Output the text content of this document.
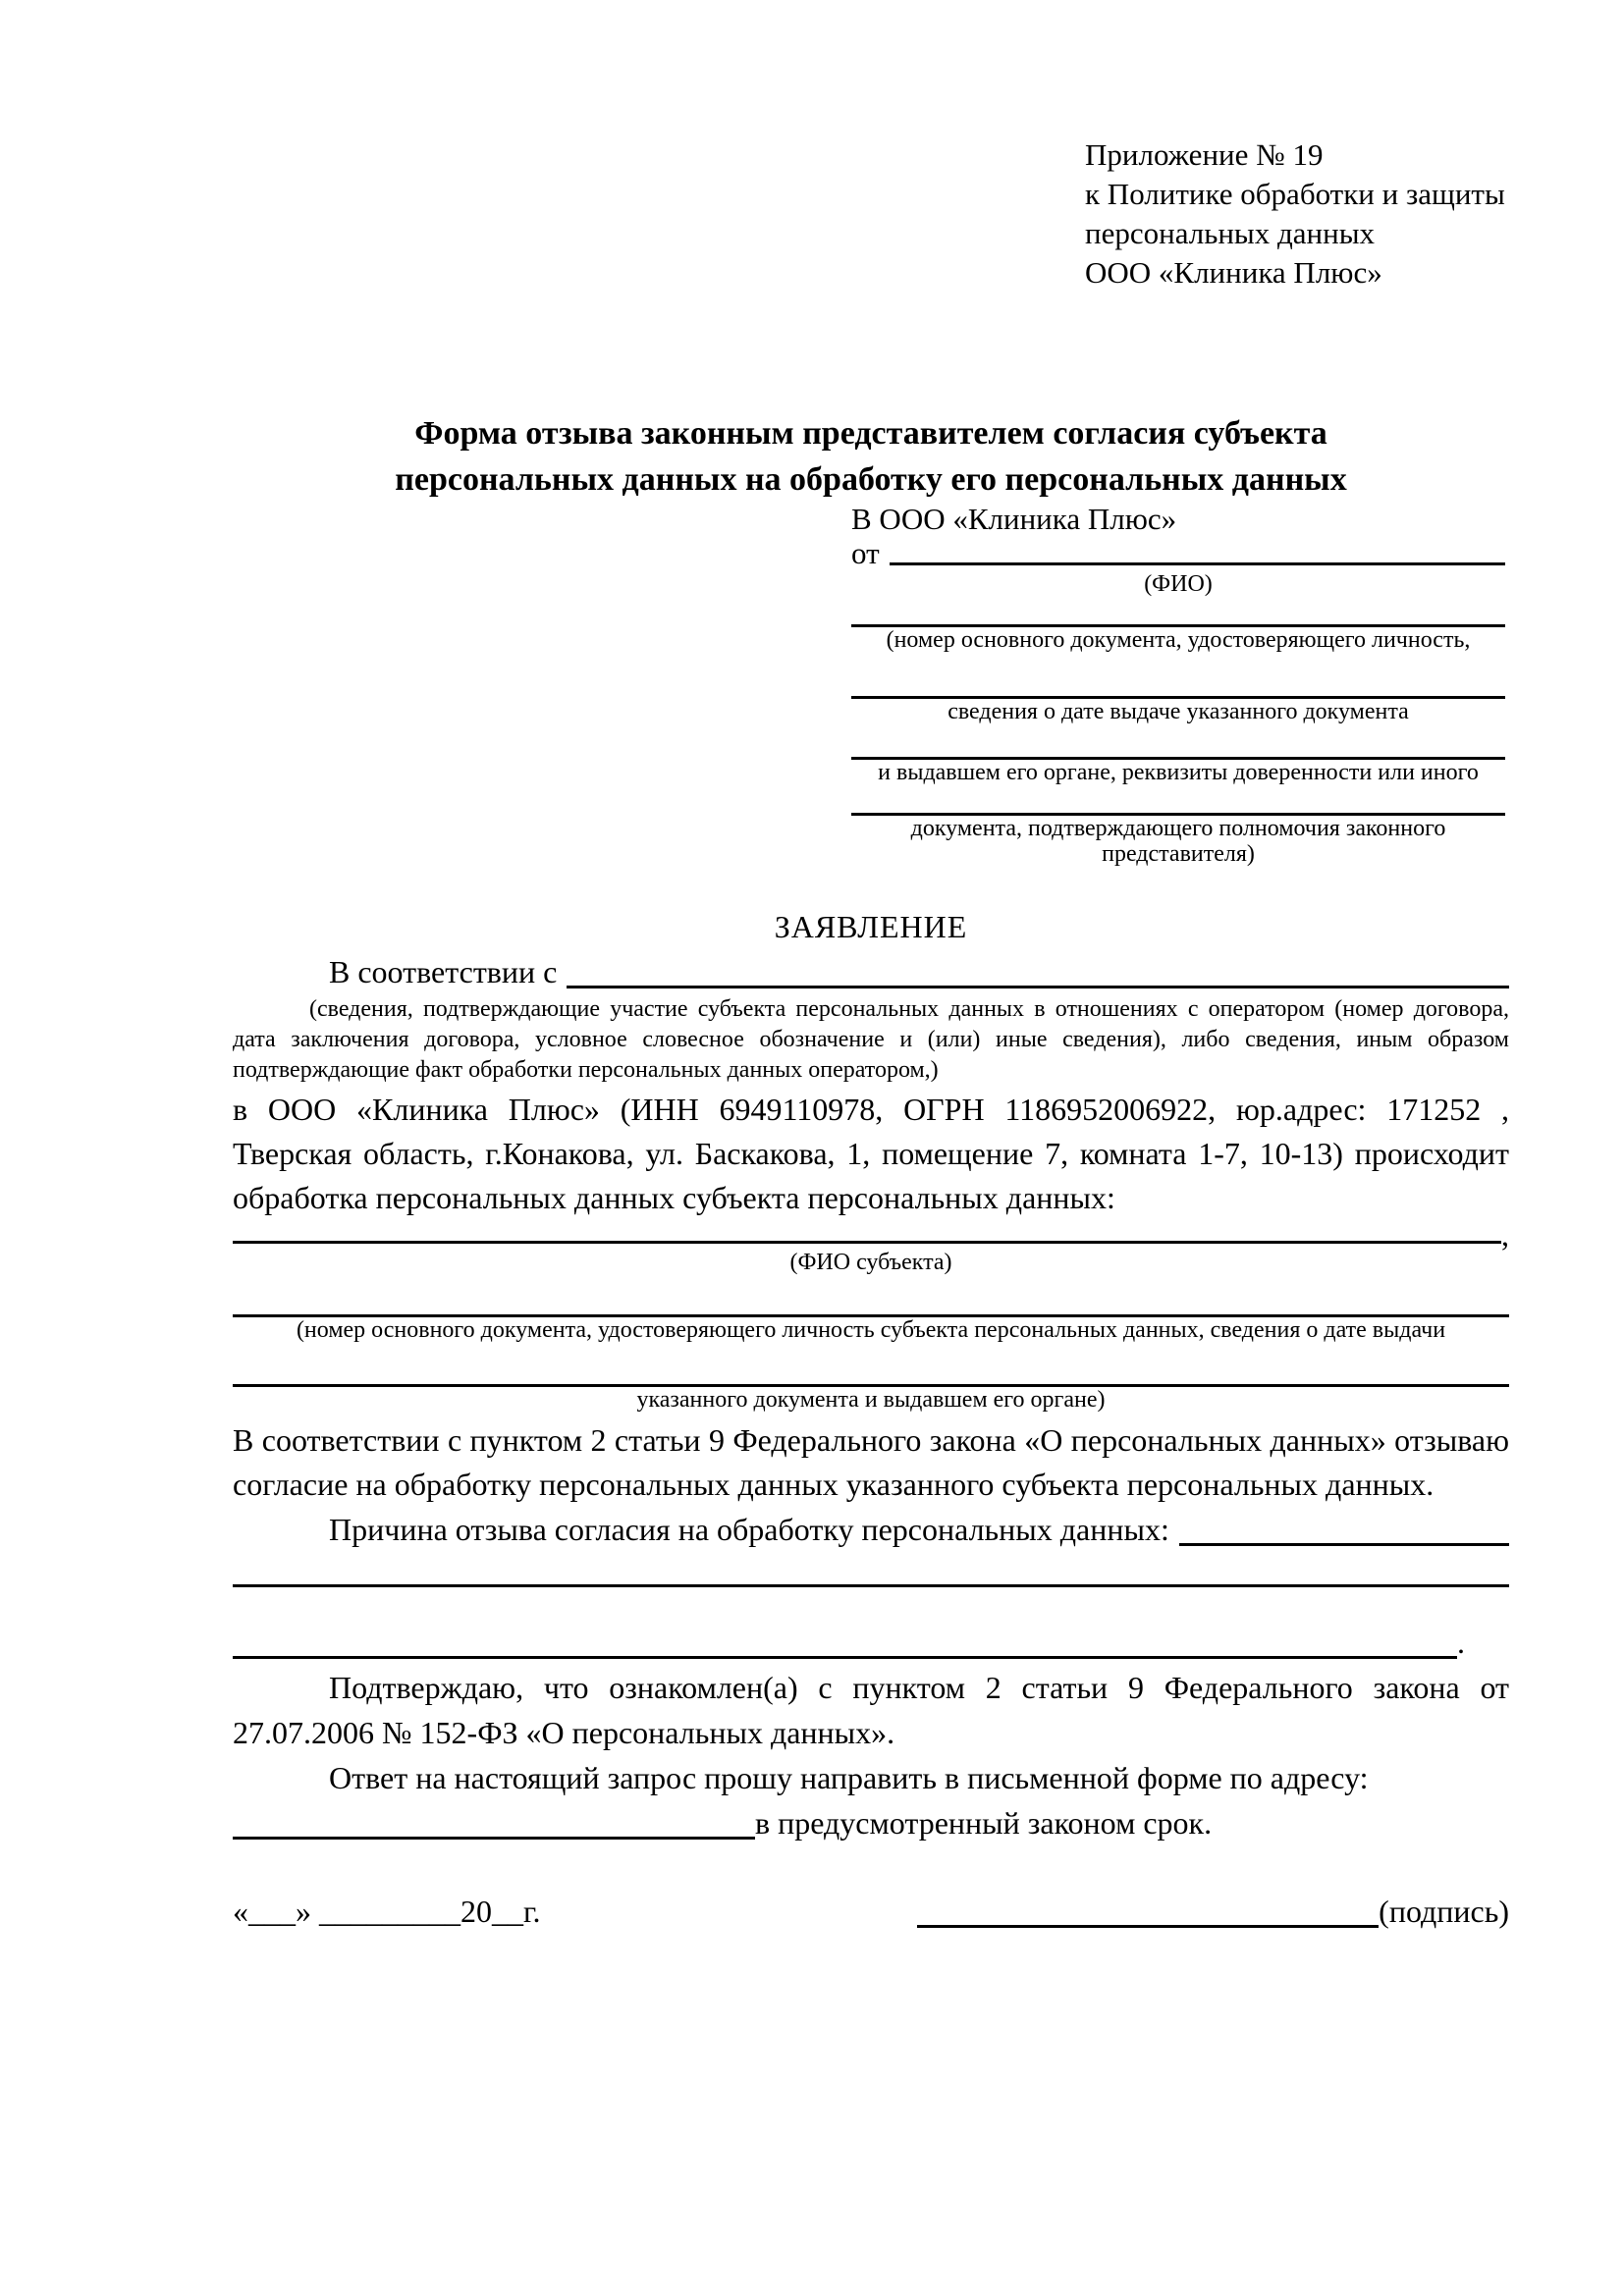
Приложение № 19
к Политике обработки и защиты
персональных данных
ООО «Клиника Плюс»
Форма отзыва законным представителем согласия субъекта
персональных данных на обработку его персональных данных
В ООО «Клиника Плюс»
от
(ФИО)
(номер основного документа, удостоверяющего личность,
сведения о дате выдаче указанного документа
и выдавшем его органе, реквизиты доверенности или иного
документа, подтверждающего полномочия законного представителя)
ЗАЯВЛЕНИЕ
В соответствии с
(сведения, подтверждающие участие субъекта персональных данных в отношениях с оператором (номер договора, дата заключения договора, условное словесное обозначение и (или) иные сведения), либо сведения, иным образом подтверждающие факт обработки персональных данных оператором,)
в ООО «Клиника Плюс» (ИНН 6949110978, ОГРН 1186952006922, юр.адрес: 171252 , Тверская область, г.Конакова, ул. Баскакова, 1, помещение 7, комната 1-7, 10-13) происходит обработка персональных данных субъекта персональных данных:
,
(ФИО субъекта)
(номер основного документа, удостоверяющего личность субъекта персональных данных, сведения о дате выдачи
указанного документа и выдавшем его органе)
В соответствии с пунктом 2 статьи 9 Федерального закона «О персональных данных» отзываю согласие на обработку персональных данных указанного субъекта персональных данных.
Причина отзыва согласия на обработку персональных данных:
.
Подтверждаю, что ознакомлен(а) с пунктом 2 статьи 9 Федерального закона от 27.07.2006 № 152-ФЗ «О персональных данных».
Ответ на настоящий запрос прошу направить в письменной форме по адресу:
в предусмотренный законом срок.
«___» _________20__г.	(подпись)
